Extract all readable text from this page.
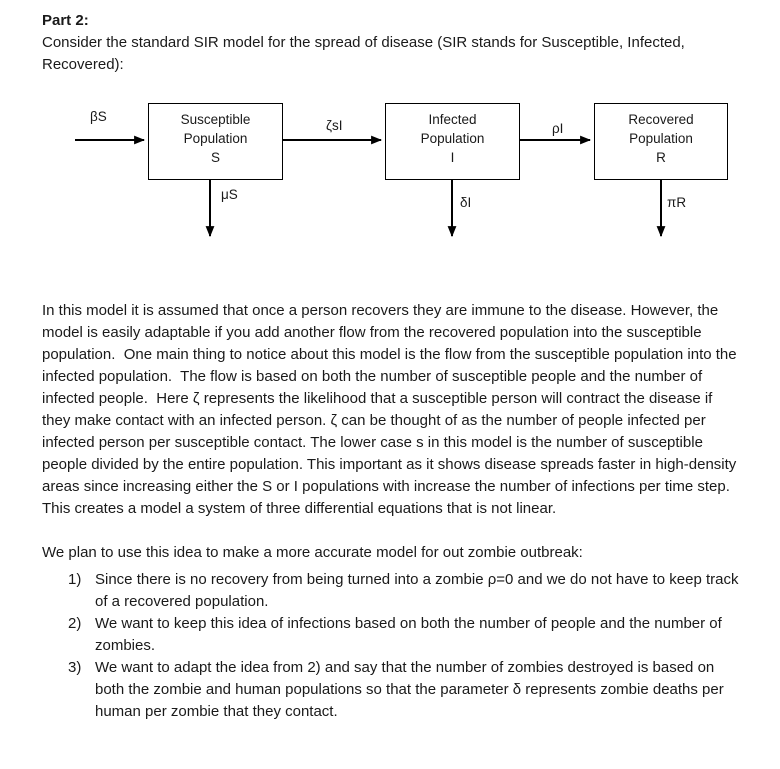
Part 2:
Consider the standard SIR model for the spread of disease (SIR stands for Susceptible, Infected, Recovered):
βS
ζsI	ρI
μS
δI	πR
Susceptible
Population
S
Infected
Population
I
Recovered
Population
R
In this model it is assumed that once a person recovers they are immune to the disease. However, the model is easily adaptable if you add another flow from the recovered population into the susceptible population.  One main thing to notice about this model is the flow from the susceptible population into the infected population.  The flow is based on both the number of susceptible people and the number of infected people.  Here ζ represents the likelihood that a susceptible person will contract the disease if they make contact with an infected person. ζ can be thought of as the number of people infected per infected person per susceptible contact. The lower case s in this model is the number of susceptible people divided by the entire population. This important as it shows disease spreads faster in high-density areas since increasing either the S or I populations with increase the number of infections per time step. This creates a model a system of three differential equations that is not linear.
We plan to use this idea to make a more accurate model for out zombie outbreak:
1) Since there is no recovery from being turned into a zombie ρ=0 and we do not have to keep track of a recovered population.
2) We want to keep this idea of infections based on both the number of people and the number of zombies.
3) We want to adapt the idea from 2) and say that the number of zombies destroyed is based on both the zombie and human populations so that the parameter δ represents zombie deaths per human per zombie that they contact.
